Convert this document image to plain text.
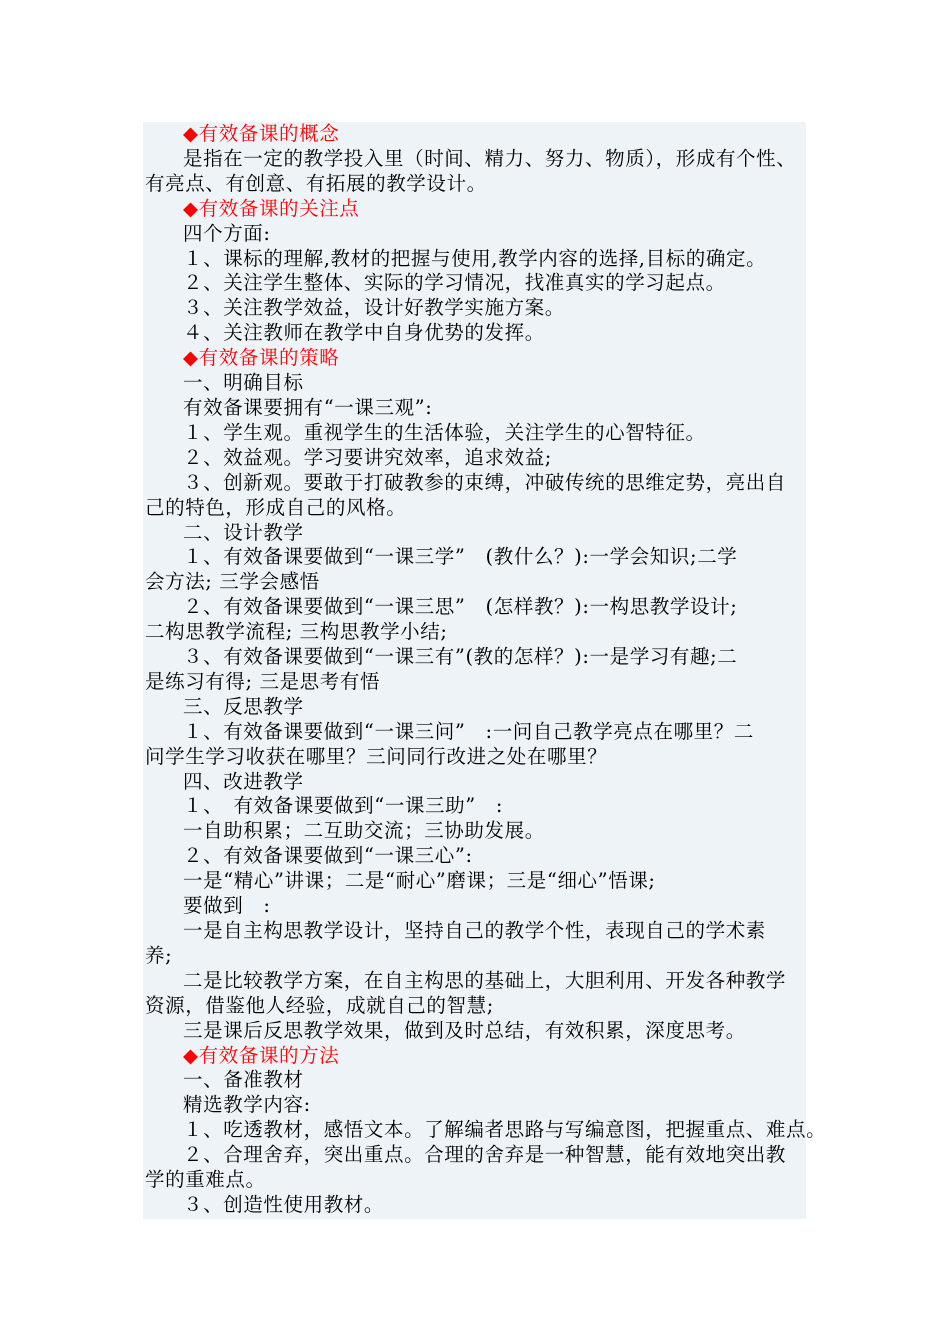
◆有效备课的概念

是指在一定的教学投入里（时间、精力、努力、物质），形成有个性、

有亮点、有创意、有拓展的教学设计。

◆有效备课的关注点

四个方面:

１、课标的理解,教材的把握与使用,教学内容的选择,目标的确定。

２、关注学生整体、实际的学习情况，找准真实的学习起点。

３、关注教学效益，设计好教学实施方案。

４、关注教师在教学中自身优势的发挥。

◆有效备课的策略

一、明确目标

有效备课要拥有“一课三观”:

１、学生观。重视学生的生活体验，关注学生的心智特征。

２、效益观。学习要讲究效率，追求效益;

３、创新观。要敢于打破教参的束缚，冲破传统的思维定势，亮出自

己的特色，形成自己的风格。

二、设计教学

１、有效备课要做到“一课三学”　(教什么？):一学会知识;二学

会方法; 三学会感悟

２、有效备课要做到“一课三思”　(怎样教？):一构思教学设计;

二构思教学流程; 三构思教学小结;

３、有效备课要做到“一课三有”(教的怎样？):一是学习有趣;二

是练习有得; 三是思考有悟

三、反思教学

１、有效备课要做到“一课三问”　:一问自己教学亮点在哪里？二

问学生学习收获在哪里？三问同行改进之处在哪里？

四、改进教学

１、　有效备课要做到“一课三助”　:

一自助积累；二互助交流；三协助发展。

２、有效备课要做到“一课三心”:

一是“精心”讲课；二是“耐心”磨课；三是“细心”悟课;

要做到　:

一是自主构思教学设计，坚持自己的教学个性，表现自己的学术素

养;

二是比较教学方案，在自主构思的基础上，大胆利用、开发各种教学

资源，借鉴他人经验，成就自己的智慧;

三是课后反思教学效果，做到及时总结，有效积累，深度思考。

◆有效备课的方法

一、备准教材

精选教学内容:

１、吃透教材，感悟文本。了解编者思路与写编意图，把握重点、难点。

２、合理舍弃，突出重点。合理的舍弃是一种智慧，能有效地突出教

学的重难点。

３、创造性使用教材。
